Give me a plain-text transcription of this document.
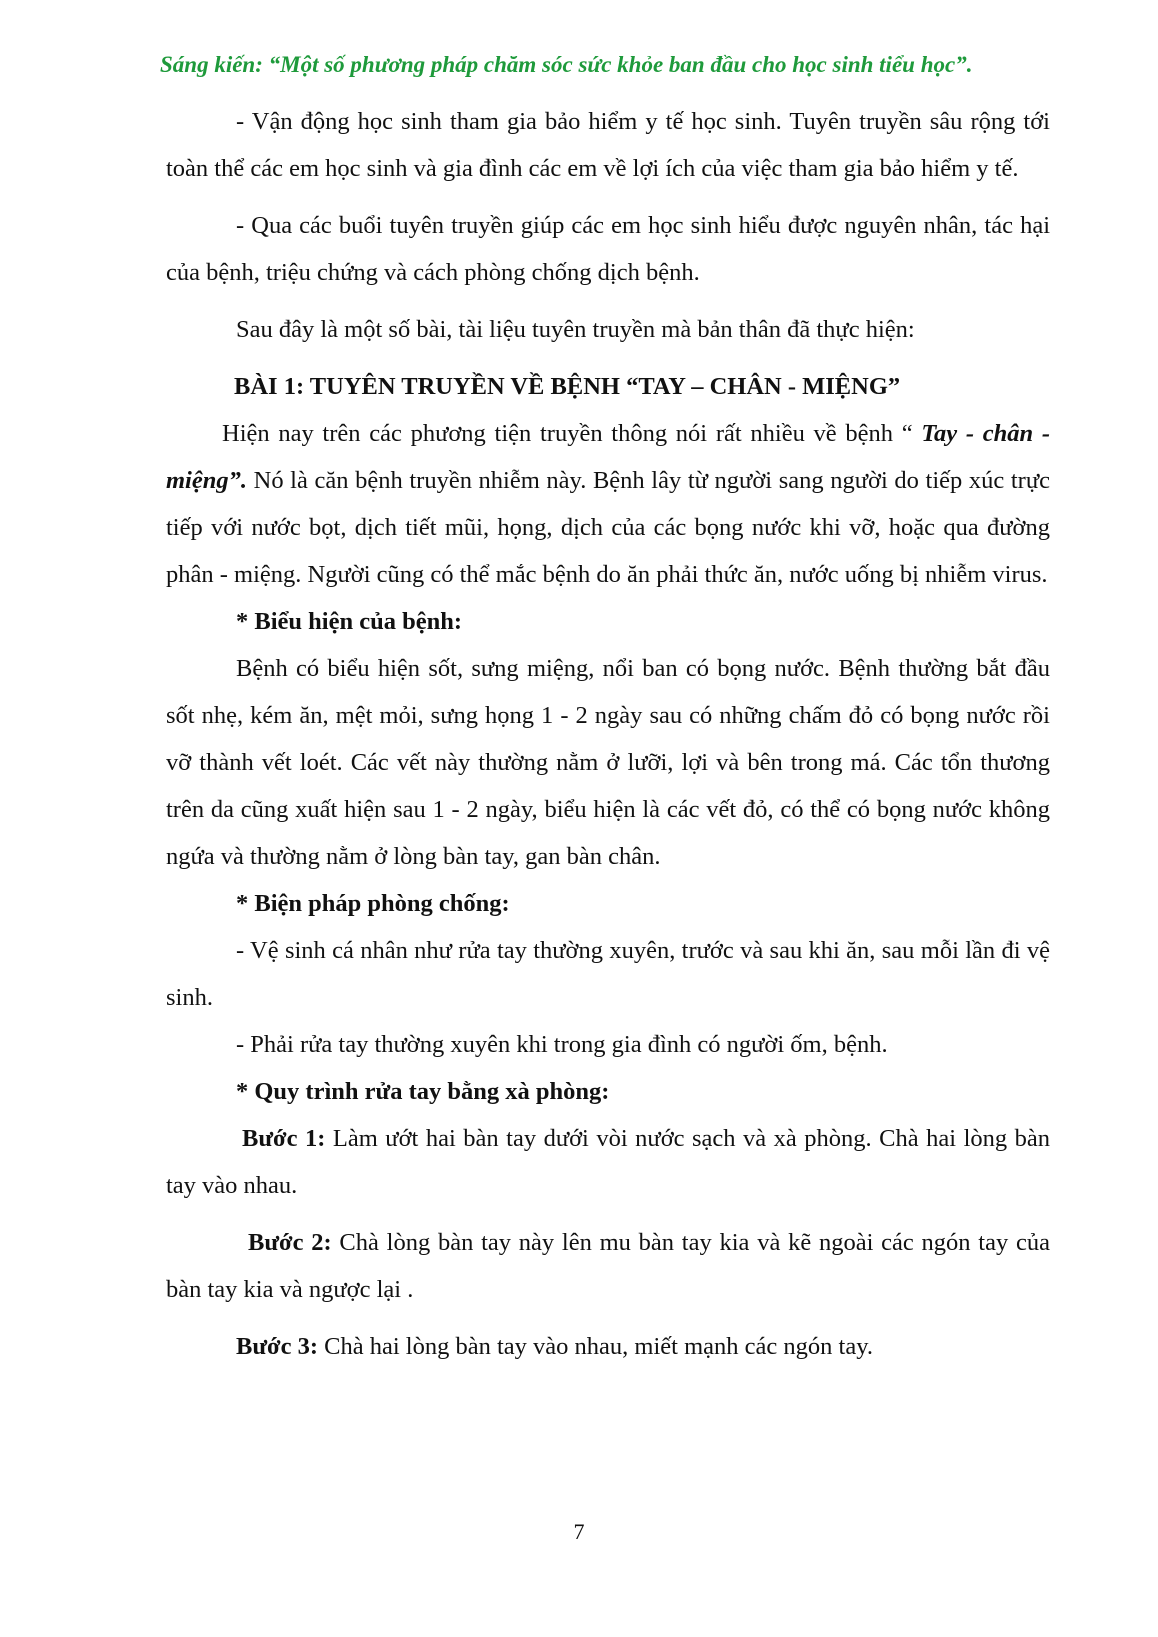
Sáng kiến: “Một số phương pháp chăm sóc sức khỏe ban đầu cho học sinh tiểu học”.

- Vận động học sinh tham gia bảo hiểm y tế học sinh. Tuyên truyền sâu rộng tới toàn thể các em học sinh và gia đình các em về lợi ích của việc tham gia bảo hiểm y tế.

- Qua các buổi tuyên truyền giúp các em học sinh hiểu được nguyên nhân, tác hại của bệnh, triệu chứng và cách phòng chống dịch bệnh.

Sau đây là một số bài, tài liệu tuyên truyền mà bản thân đã thực hiện:

BÀI 1: TUYÊN TRUYỀN VỀ BỆNH “TAY – CHÂN - MIỆNG”

Hiện nay trên các phương tiện truyền thông nói rất nhiều về bệnh “ Tay - chân - miệng”. Nó là căn bệnh truyền nhiễm này. Bệnh lây từ người sang người do tiếp xúc trực tiếp với nước bọt, dịch tiết mũi, họng, dịch của các bọng nước khi vỡ, hoặc qua đường phân - miệng. Người cũng có thể mắc bệnh do ăn phải thức ăn, nước uống bị nhiễm virus.

* Biểu hiện của bệnh:

Bệnh có biểu hiện sốt, sưng miệng, nổi ban có bọng nước. Bệnh thường bắt đầu sốt nhẹ, kém ăn, mệt mỏi, sưng họng 1 - 2 ngày sau có những chấm đỏ có bọng nước rồi vỡ thành vết loét. Các vết này thường nằm ở lưỡi, lợi và bên trong má. Các tổn thương trên da cũng xuất hiện sau 1 - 2 ngày, biểu hiện là các vết đỏ, có thể có bọng nước không ngứa và thường nằm ở lòng bàn tay, gan bàn chân.

* Biện pháp phòng chống:

- Vệ sinh cá nhân như rửa tay thường xuyên, trước và sau khi ăn, sau mỗi lần đi vệ sinh.

- Phải rửa tay thường xuyên khi trong gia đình có người ốm, bệnh.

* Quy trình rửa tay bằng xà phòng:

Bước 1: Làm ướt hai bàn tay dưới vòi nước sạch và xà phòng. Chà hai lòng bàn tay vào nhau.

Bước 2: Chà lòng bàn tay này lên mu bàn tay kia và kẽ ngoài các ngón tay của bàn tay kia và ngược lại .

Bước 3: Chà hai lòng bàn tay vào nhau, miết mạnh các ngón tay.

7
